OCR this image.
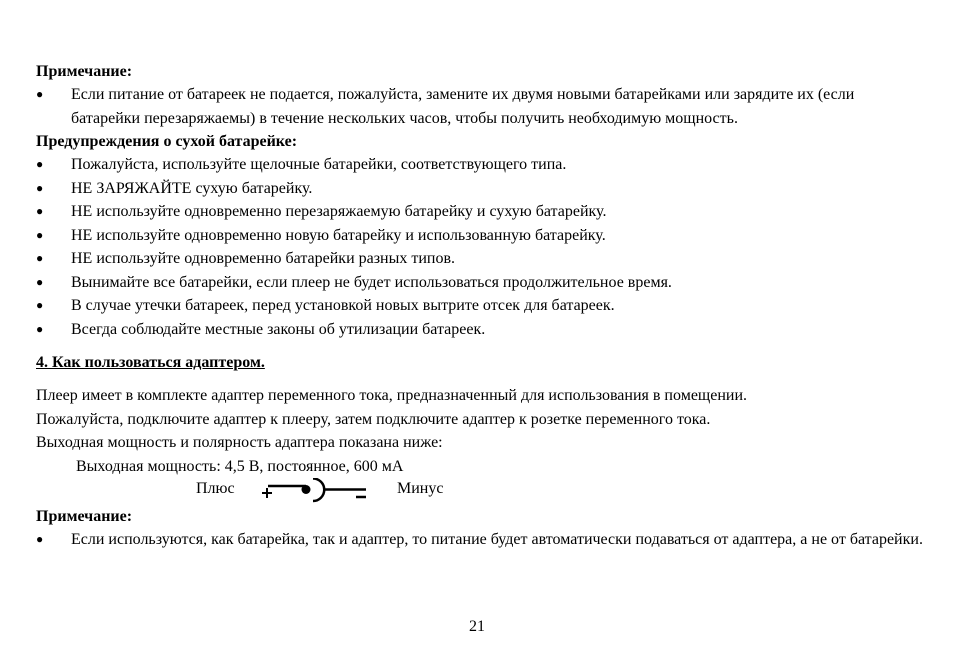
Примечание:
● Если питание от батареек не подается, пожалуйста, замените их двумя новыми батарейками или зарядите их (если батарейки перезаряжаемы) в течение нескольких часов, чтобы получить необходимую мощность.
Предупреждения о сухой батарейке:
● Пожалуйста, используйте щелочные батарейки, соответствующего типа.
● НЕ ЗАРЯЖАЙТЕ сухую батарейку.
● НЕ используйте одновременно перезаряжаемую батарейку и сухую батарейку.
● НЕ используйте одновременно новую батарейку и использованную батарейку.
● НЕ используйте одновременно батарейки разных типов.
● Вынимайте все батарейки, если плеер не будет использоваться продолжительное время.
● В случае утечки батареек, перед установкой новых вытрите отсек для батареек.
● Всегда соблюдайте местные законы об утилизации батареек.
4. Как пользоваться адаптером.
Плеер имеет в комплекте адаптер переменного тока, предназначенный для использования в помещении.
Пожалуйста, подключите адаптер к плееру, затем подключите адаптер к розетке переменного тока.
Выходная мощность и полярность адаптера показана ниже:
Выходная мощность: 4,5 В, постоянное, 600 мА
Плюс	Минус
Примечание:
● Если используются, как батарейка, так и адаптер, то питание будет автоматически подаваться от адаптера, а не от батарейки.
21
